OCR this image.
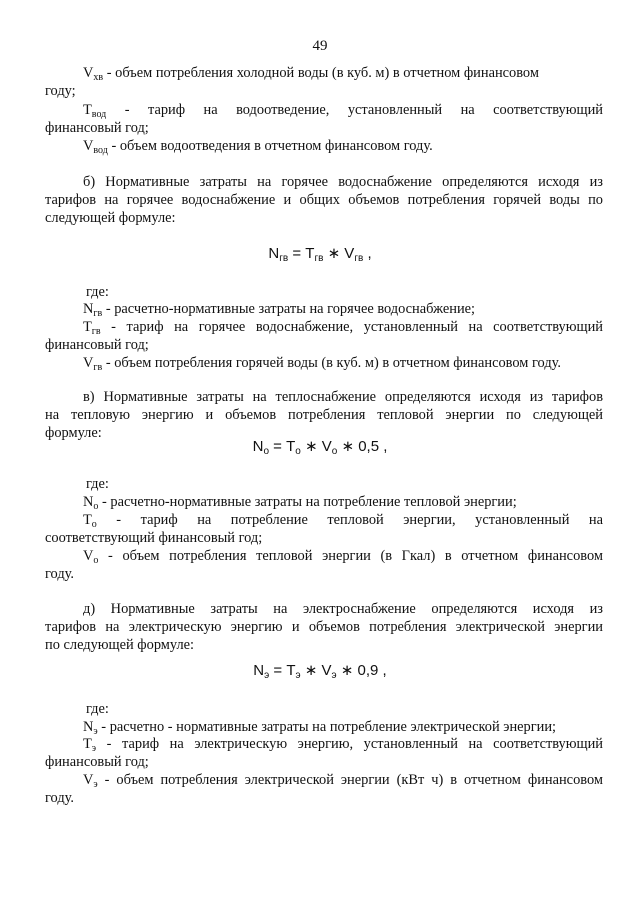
49
$V_{хв}$ - объем потребления холодной воды (в куб. м) в отчетном финансовом
году;
$T_{вод}$ - тариф на водоотведение, установленный на соответствующий
финансовый год;
$V_{вод}$ - объем водоотведения в отчетном финансовом году.
б) Нормативные затраты на горячее водоснабжение определяются исходя из
тарифов на горячее водоснабжение и общих объемов потребления горячей воды по
следующей формуле:
$N_{гв} = T_{гв}$ ∗ $V_{гв}$ ,
где:
$N_{гв}$ - расчетно-нормативные затраты на горячее водоснабжение;
$T_{гв}$ - тариф на горячее водоснабжение, установленный на соответствующий
финансовый год;
$V_{гв}$ - объем потребления горячей воды (в куб. м) в отчетном финансовом году.
в) Нормативные затраты на теплоснабжение определяются исходя из тарифов
на тепловую энергию и объемов потребления тепловой энергии по следующей
формуле:
$N_о = T_о$ ∗ $V_о$ ∗ 0,5 ,
где:
$N_о$ - расчетно-нормативные затраты на потребление тепловой энергии;
$T_о$ - тариф на потребление тепловой энергии, установленный на
соответствующий финансовый год;
$V_о$ - объем потребления тепловой энергии (в Гкал) в отчетном финансовом
году.
д) Нормативные затраты на электроснабжение определяются исходя из
тарифов на электрическую энергию и объемов потребления электрической энергии
по следующей формуле:
$N_э = T_э$ ∗ $V_э$ ∗ 0,9 ,
где:
$N_э$ - расчетно - нормативные затраты на потребление электрической энергии;
$T_э$ - тариф на электрическую энергию, установленный на соответствующий
финансовый год;
$V_э$ - объем потребления электрической энергии (кВт ч) в отчетном финансовом
году.
